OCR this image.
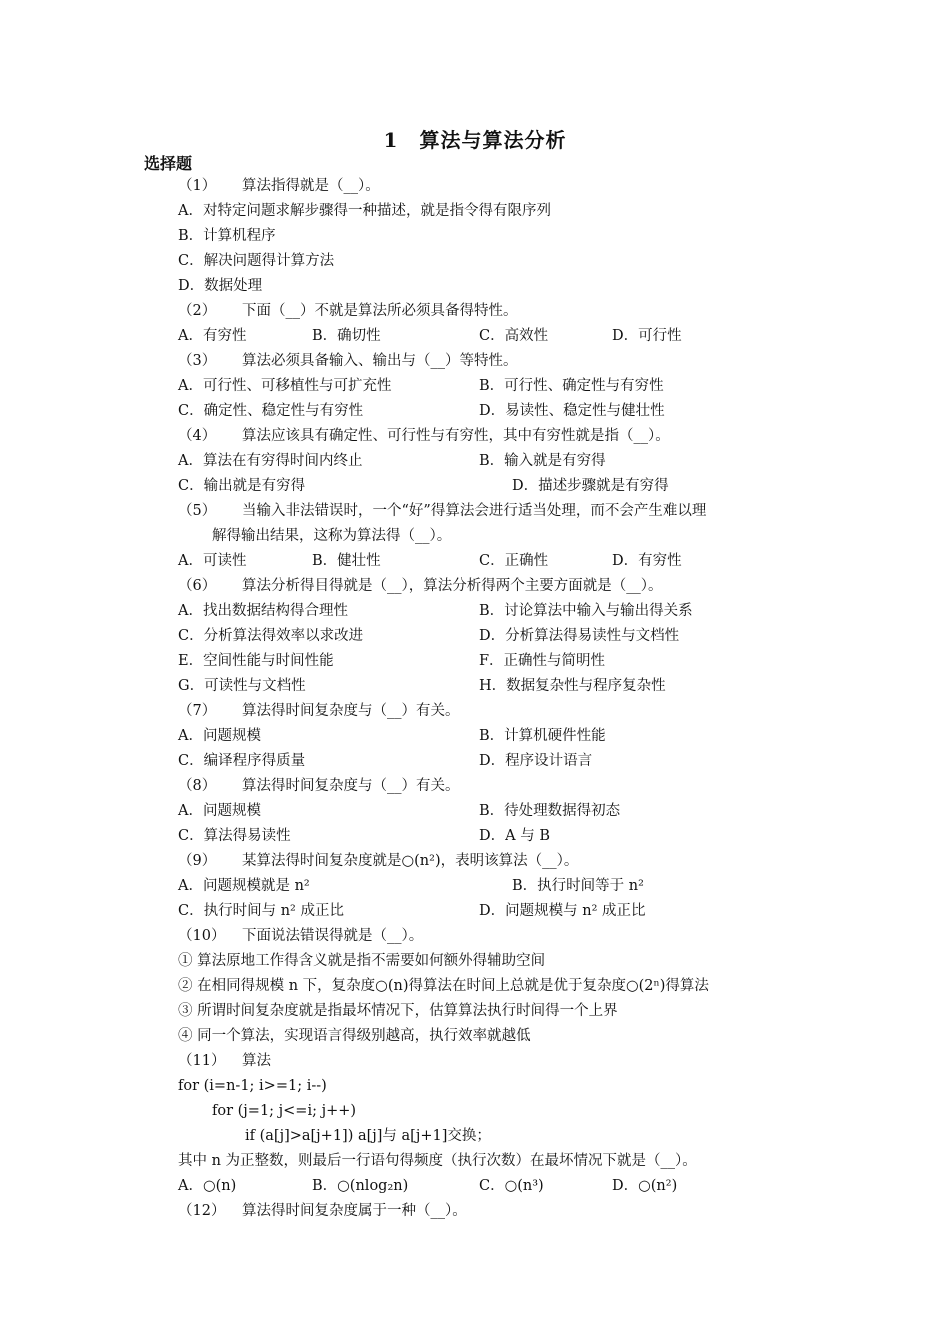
1　算法与算法分析
选择题
（1） 算法指得就是（__）。
A．对特定问题求解步骤得一种描述，就是指令得有限序列
B．计算机程序
C．解决问题得计算方法
D．数据处理
（2） 下面（__）不就是算法所必须具备得特性。
A．有穷性	B．确切性	C．高效性	D．可行性
（3） 算法必须具备输入、输出与（__）等特性。
A．可行性、可移植性与可扩充性	B．可行性、确定性与有穷性
C．确定性、稳定性与有穷性	D．易读性、稳定性与健壮性
（4） 算法应该具有确定性、可行性与有穷性，其中有穷性就是指（__）。
A．算法在有穷得时间内终止	B．输入就是有穷得
C．输出就是有穷得	D．描述步骤就是有穷得
（5） 当输入非法错误时，一个“好”得算法会进行适当处理，而不会产生难以理
解得输出结果，这称为算法得（__）。
A．可读性	B．健壮性	C．正确性	D．有穷性
（6） 算法分析得目得就是（__），算法分析得两个主要方面就是（__）。
A．找出数据结构得合理性	B．讨论算法中输入与输出得关系
C．分析算法得效率以求改进	D．分析算法得易读性与文档性
E．空间性能与时间性能	F．正确性与简明性
G．可读性与文档性	H．数据复杂性与程序复杂性
（7） 算法得时间复杂度与（__）有关。
A．问题规模	B．计算机硬件性能
C．编译程序得质量	D．程序设计语言
（8） 算法得时间复杂度与（__）有关。
A．问题规模	B．待处理数据得初态
C．算法得易读性	D．A 与 B
（9） 某算法得时间复杂度就是○(n²)，表明该算法（__）。
A．问题规模就是 n²	B．执行时间等于 n²
C．执行时间与 n² 成正比	D．问题规模与 n² 成正比
（10） 下面说法错误得就是（__）。
① 算法原地工作得含义就是指不需要如何额外得辅助空间
② 在相同得规模 n 下，复杂度○(n)得算法在时间上总就是优于复杂度○(2ⁿ)得算法
③ 所谓时间复杂度就是指最坏情况下，估算算法执行时间得一个上界
④ 同一个算法，实现语言得级别越高，执行效率就越低
（11） 算法
for (i=n-1; i>=1; i--)
for (j=1; j<=i; j++)
if (a[j]>a[j+1]) a[j]与 a[j+1]交换；
其中 n 为正整数，则最后一行语句得频度（执行次数）在最坏情况下就是（__）。
A．○(n)	B．○(nlog₂n)	C．○(n³)	D．○(n²)
（12） 算法得时间复杂度属于一种（__）。
